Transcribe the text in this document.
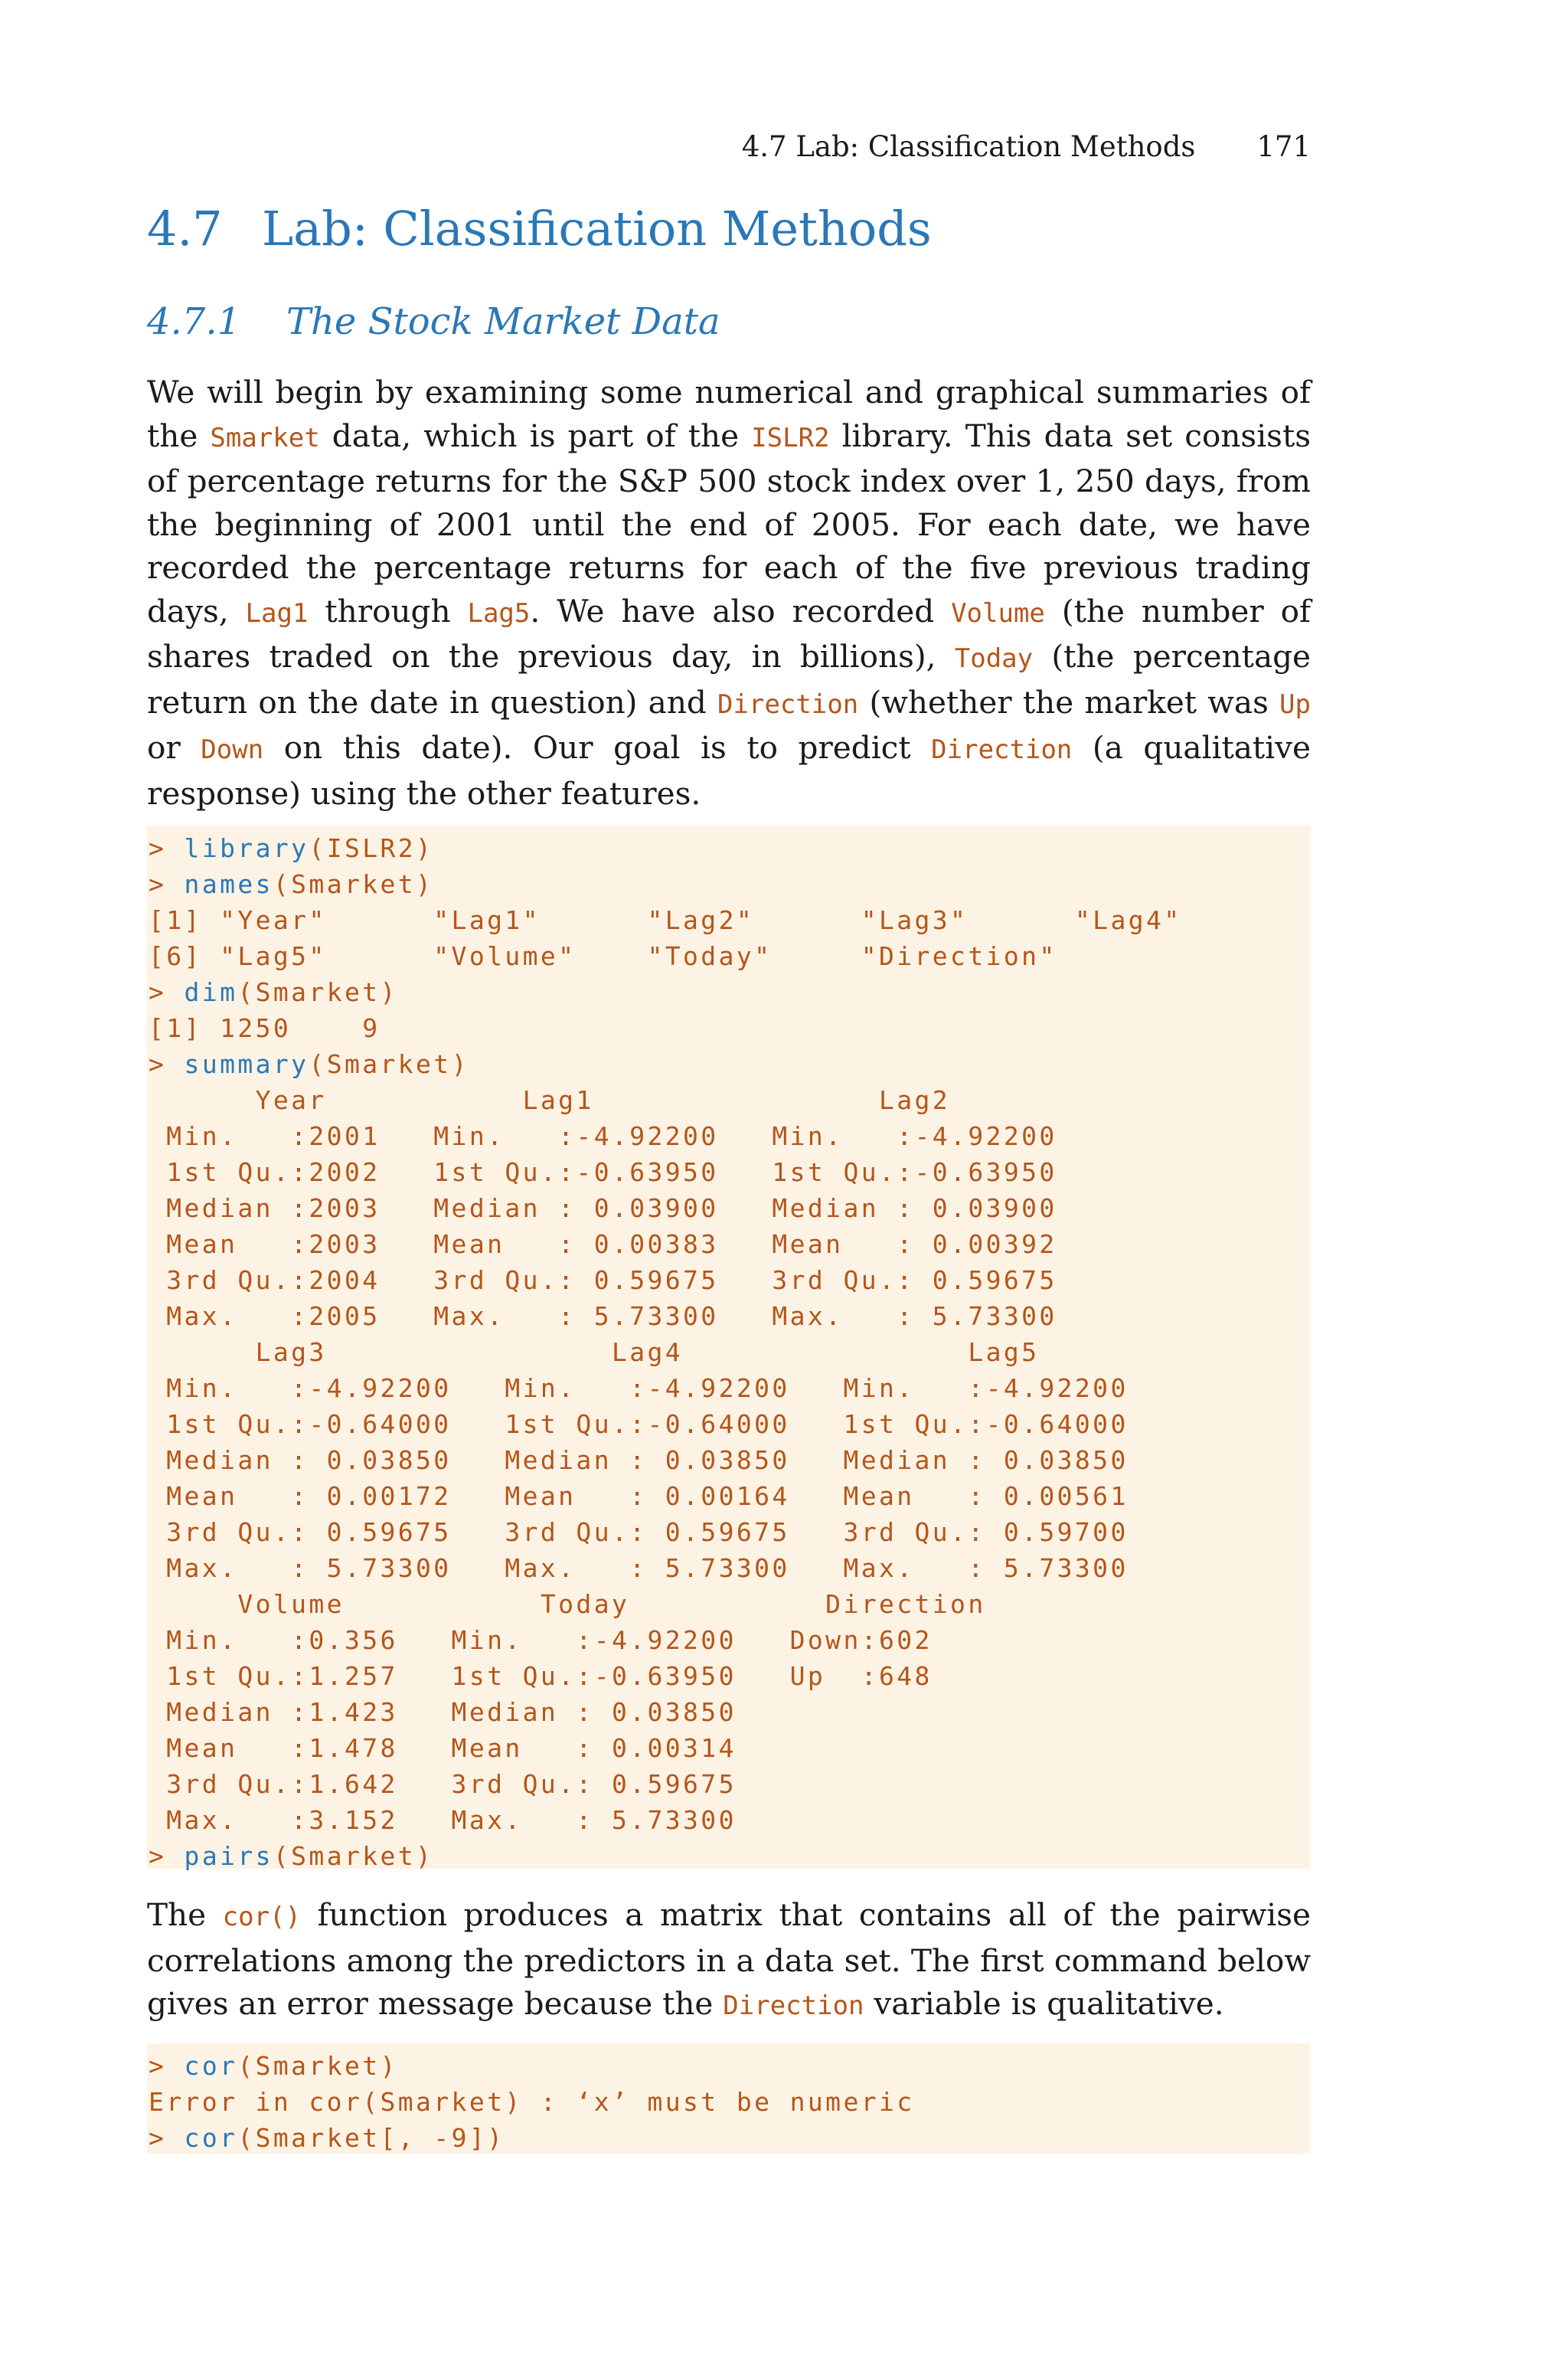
4.7 Lab: Classification Methods 171
4.7 Lab: Classification Methods
4.7.1 The Stock Market Data

We will begin by examining some numerical and graphical summaries of the Smarket data, which is part of the ISLR2 library. This data set consists of percentage returns for the S&P 500 stock index over 1, 250 days, from the beginning of 2001 until the end of 2005. For each date, we have recorded the percentage returns for each of the five previous trading days, Lag1 through Lag5. We have also recorded Volume (the number of shares traded on the previous day, in billions), Today (the percentage return on the date in question) and Direction (whether the market was Up or Down on this date). Our goal is to predict Direction (a qualitative response) using the other features.

> library(ISLR2)
> names(Smarket)
[1] "Year"      "Lag1"      "Lag2"      "Lag3"      "Lag4"
[6] "Lag5"      "Volume"    "Today"     "Direction"
> dim(Smarket)
[1] 1250    9
> summary(Smarket)
Year           Lag1                Lag2
Min.   :2001   Min.   :-4.92200   Min.   :-4.92200
1st Qu.:2002   1st Qu.:-0.63950   1st Qu.:-0.63950
Median :2003   Median : 0.03900   Median : 0.03900
Mean   :2003   Mean   : 0.00383   Mean   : 0.00392
3rd Qu.:2004   3rd Qu.: 0.59675   3rd Qu.: 0.59675
Max.   :2005   Max.   : 5.73300   Max.   : 5.73300
Lag3                Lag4                Lag5
Min.   :-4.92200   Min.   :-4.92200   Min.   :-4.92200
1st Qu.:-0.64000   1st Qu.:-0.64000   1st Qu.:-0.64000
Median : 0.03850   Median : 0.03850   Median : 0.03850
Mean   : 0.00172   Mean   : 0.00164   Mean   : 0.00561
3rd Qu.: 0.59675   3rd Qu.: 0.59675   3rd Qu.: 0.59700
Max.   : 5.73300   Max.   : 5.73300   Max.   : 5.73300
Volume           Today           Direction
Min.   :0.356   Min.   :-4.92200   Down:602
1st Qu.:1.257   1st Qu.:-0.63950   Up  :648
Median :1.423   Median : 0.03850
Mean   :1.478   Mean   : 0.00314
3rd Qu.:1.642   3rd Qu.: 0.59675
Max.   :3.152   Max.   : 5.73300
> pairs(Smarket)

The cor() function produces a matrix that contains all of the pairwise correlations among the predictors in a data set. The first command below gives an error message because the Direction variable is qualitative.

> cor(Smarket)
Error in cor(Smarket) : ‘x’ must be numeric
> cor(Smarket[, -9])
